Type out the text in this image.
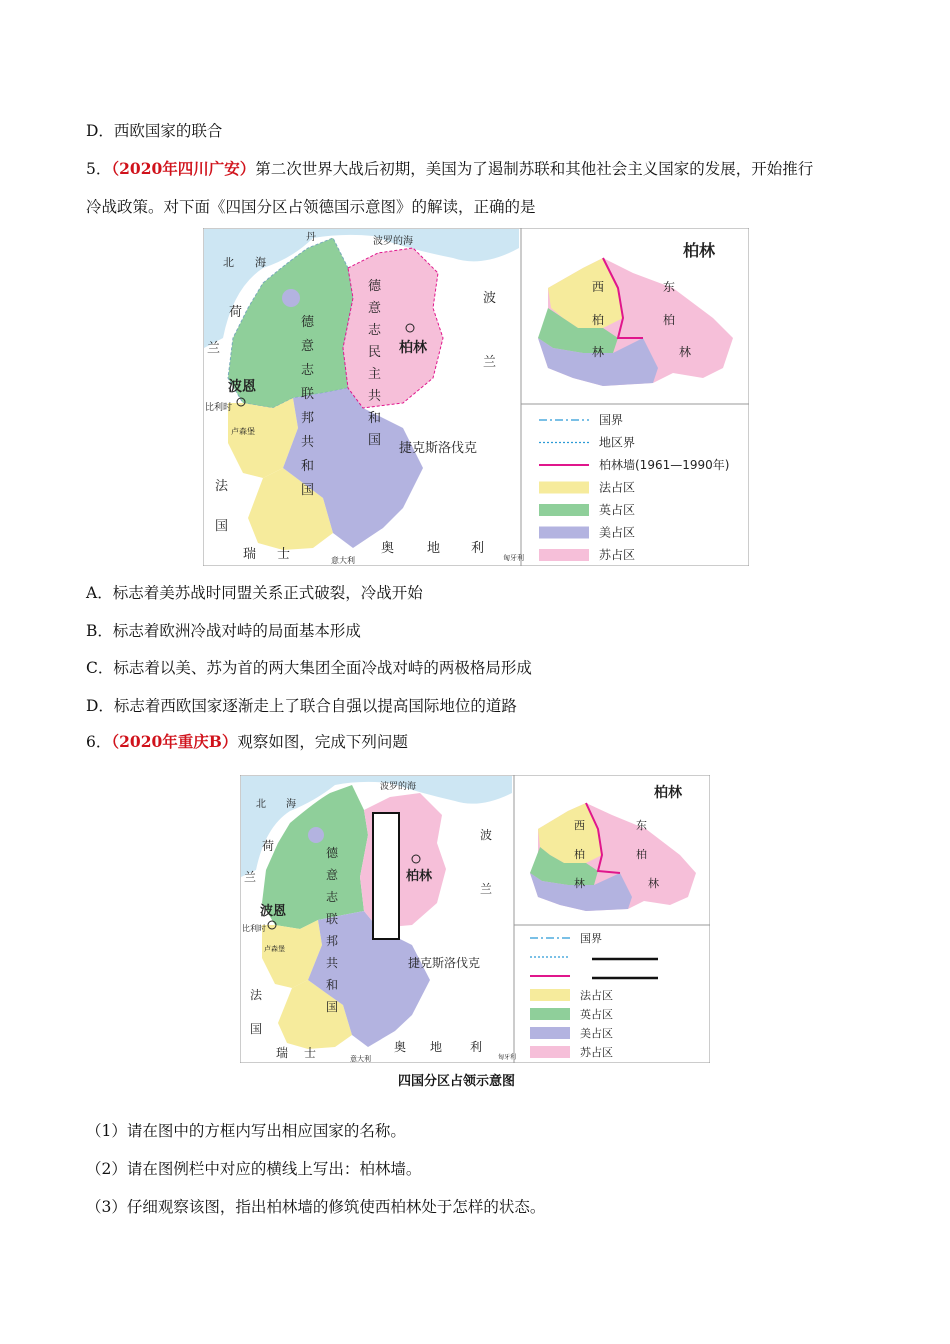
D．西欧国家的联合
5．（2020年四川广安）第二次世界大战后初期，美国为了遏制苏联和其他社会主义国家的发展，开始推行
冷战政策。对下面《四国分区占领德国示意图》的解读，正确的是
北 海
波罗的海
丹
荷
兰
比利时
法
国
瑞 士	意大利
奥	地 利
匈牙利
波
兰
捷克斯洛伐克
德
意
志
联
邦
共
和
国
德
意
志
民
主
共
和
国
波恩
柏林
卢森堡
柏林
西
柏
林
东
柏
林
国界
地区界
柏林墙(1961—1990年)
法占区
英占区
美占区
苏占区
A．标志着美苏战时同盟关系正式破裂，冷战开始
B．标志着欧洲冷战对峙的局面基本形成
C．标志着以美、苏为首的两大集团全面冷战对峙的两极格局形成
D．标志着西欧国家逐渐走上了联合自强以提高国际地位的道路
6．（2020年重庆B）观察如图，完成下列问题
北 海
波罗的海
荷
兰
比利时
法
国
瑞 士	意大利
奥 地 利
匈牙利
波
兰
捷克斯洛伐克
德
意
志
联
邦
共
和
国
波恩
柏林
卢森堡
柏林
西
柏
林
东
柏
林
国界
法占区
英占区
美占区
苏占区
四国分区占领示意图
（1）请在图中的方框内写出相应国家的名称。
（2）请在图例栏中对应的横线上写出：柏林墙。
（3）仔细观察该图，指出柏林墙的修筑使西柏林处于怎样的状态。
